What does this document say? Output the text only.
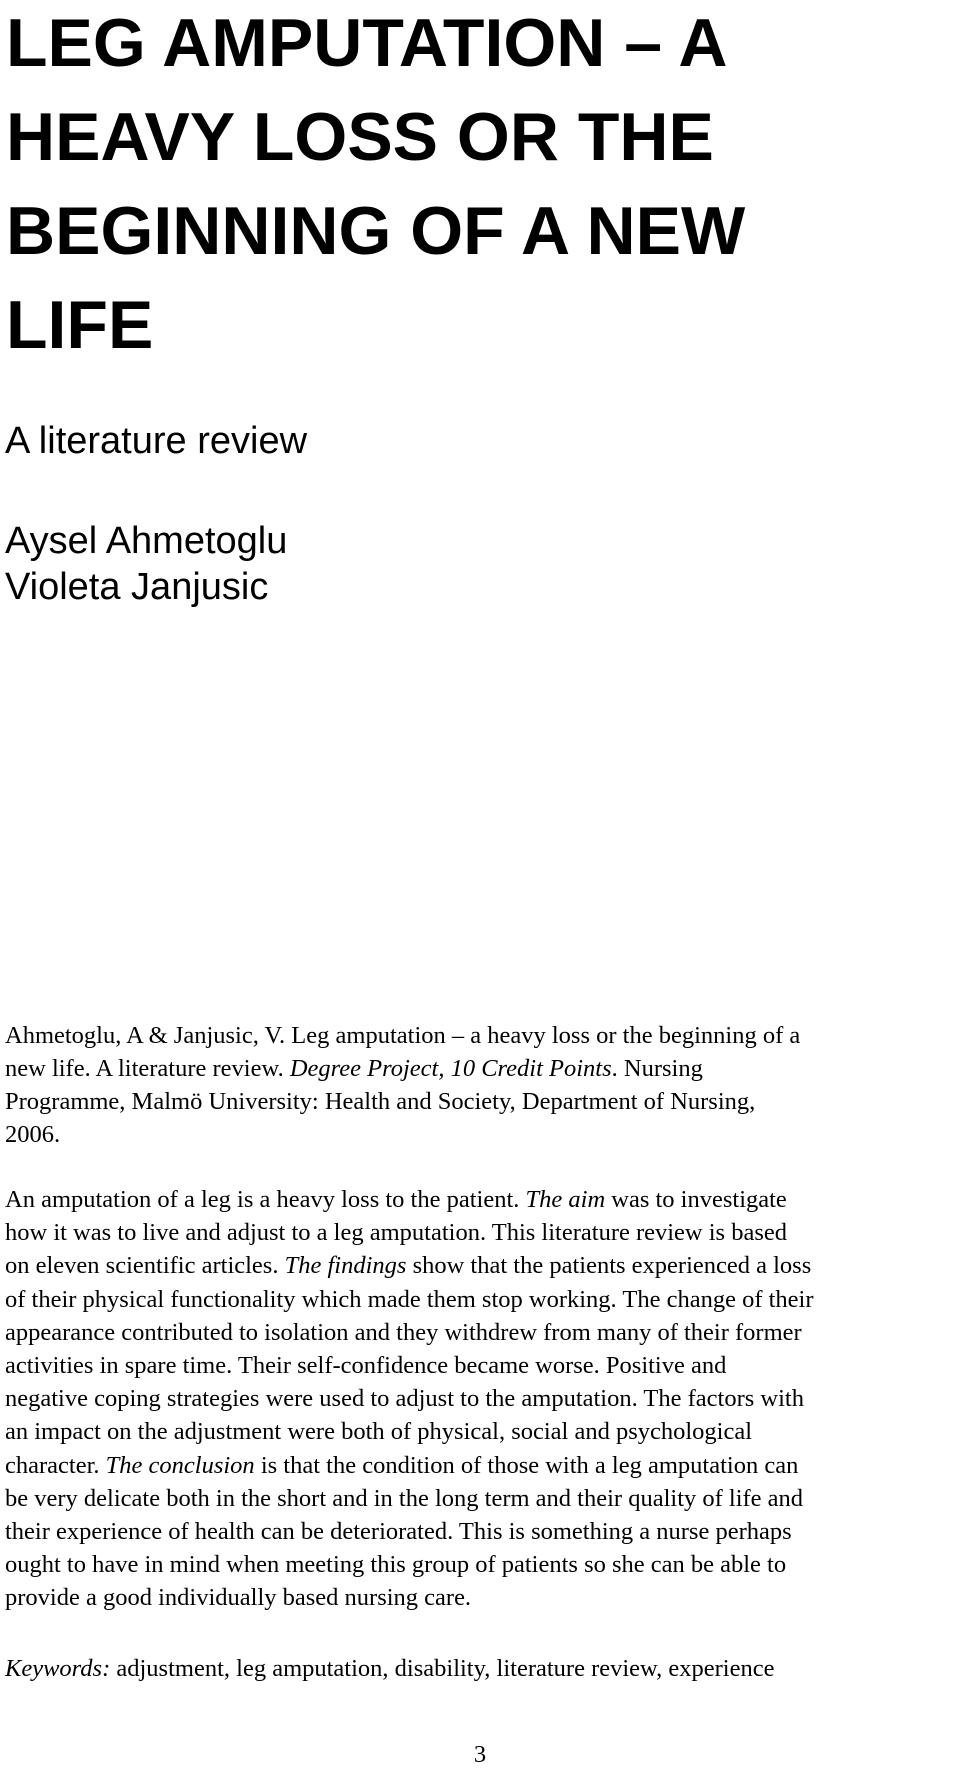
LEG AMPUTATION – A
HEAVY LOSS OR THE
BEGINNING OF A NEW
LIFE
A literature review
Aysel Ahmetoglu
Violeta Janjusic
Ahmetoglu, A & Janjusic, V. Leg amputation – a heavy loss or the beginning of a
new life. A literature review. Degree Project, 10 Credit Points. Nursing
Programme, Malmö University: Health and Society, Department of Nursing,
2006.
An amputation of a leg is a heavy loss to the patient. The aim was to investigate
how it was to live and adjust to a leg amputation. This literature review is based
on eleven scientific articles. The findings show that the patients experienced a loss
of their physical functionality which made them stop working. The change of their
appearance contributed to isolation and they withdrew from many of their former
activities in spare time. Their self-confidence became worse. Positive and
negative coping strategies were used to adjust to the amputation. The factors with
an impact on the adjustment were both of physical, social and psychological
character. The conclusion is that the condition of those with a leg amputation can
be very delicate both in the short and in the long term and their quality of life and
their experience of health can be deteriorated. This is something a nurse perhaps
ought to have in mind when meeting this group of patients so she can be able to
provide a good individually based nursing care.
Keywords: adjustment, leg amputation, disability, literature review, experience
3
